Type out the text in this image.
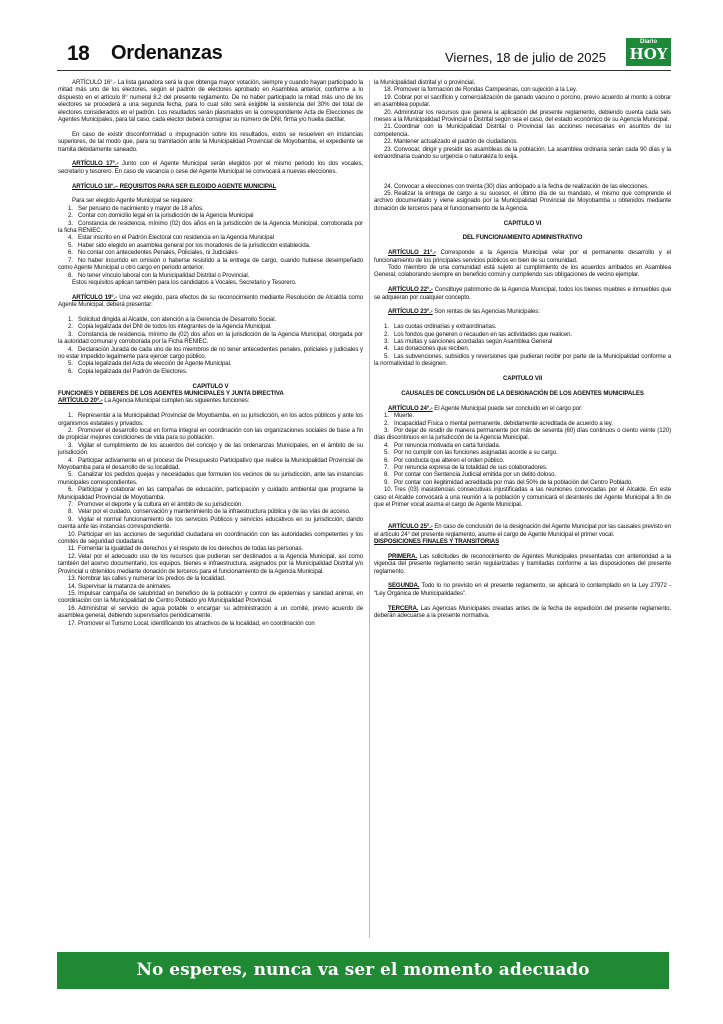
18 Ordenanzas	Viernes, 18 de julio de 2025
Diario
HOY

ARTÍCULO 16°.- La lista ganadora será la que obtenga mayor votación, siempre y cuando hayan participado la mitad más uno de los electores, según el padrón de electores aprobado en Asamblea anterior, conforme a lo dispuesto en el artículo 8° numeral 8.2 del presente reglamento. De no haber participado la mitad más uno de los electores se procederá a una segunda fecha, para lo cual sólo será exigible la existencia del 30% del total de electores considerados en el padrón. Los resultados serán plasmados en la correspondiente Acta de Elecciones de Agentes Municipales, para tal caso, cada elector deberá consignar su número de DNI, firma y/o huella dactilar.

En caso de existir disconformidad o impugnación sobre los resultados, estos se resuelven en instancias superiores, de tal modo que, para su tramitación ante la Municipalidad Provincial de Moyobamba, el expediente se tramita debidamente saneado.

ARTÍCULO 17°.- Junto con el Agente Municipal serán elegidos por el mismo periodo los dos vocales, secretario y tesorero. En caso de vacancia o cese del Agente Municipal se convocará a nuevas elecciones.

ARTÍCULO 18°.– REQUISITOS PARA SER ELEGIDO AGENTE MUNICIPAL

Para ser elegido Agente Municipal se requiere:

1. Ser peruano de nacimiento y mayor de 18 años.

2. Contar con domicilio legal en la jurisdicción de la Agencia Municipal

3. Constancia de residencia, mínimo (02) dos años en la jurisdicción de la Agencia Municipal, corroborada por la ficha RENIEC.

4. Estar inscrito en el Padrón Electoral con residencia en la Agencia Municipal

5. Haber sido elegido en asamblea general por los moradores de la jurisdicción establecida.

6. No contar con antecedentes Penales, Policiales, ni Judiciales

7. No haber incurrido en omisión o haberse resistido a la entrega de cargo, cuando hubiese desempeñado como Agente Municipal u otro cargo en periodo anterior.

8. No tener vínculo laboral con la Municipalidad Distrital o Provincial.

Estos requisitos aplican también para los candidatos a Vocales, Secretario y Tesorero.

ARTÍCULO 19°.- Una vez elegido, para efectos de su reconocimiento mediante Resolución de Alcaldía como Agente Municipal, deberá presentar:

1. Solicitud dirigida al Alcalde, con atención a la Gerencia de Desarrollo Social.

2. Copia legalizada del DNI de todos los integrantes de la Agencia Municipal.

3. Constancia de residencia, mínimo de (02) dos años en la jurisdicción de la Agencia Municipal, otorgada por la autoridad comunal y corroborada por la Ficha RENIEC.

4. Declaración Jurada de cada uno de los miembros de no tener antecedentes penales, policiales y judiciales y no estar impedido legalmente para ejercer cargo público.

5. Copia legalizada del Acta de elección de Agente Municipal.

6. Copia legalizada del Padrón de Electores.

CAPITULO V

FUNCIONES Y DEBERES DE LOS AGENTES MUNICIPALES Y JUNTA DIRECTIVA

ARTÍCULO 20°.- La Agencia Municipal cumplen las siguientes funciones:

1. Representar a la Municipalidad Provincial de Moyobamba, en su jurisdicción, en los actos públicos y ante los organismos estatales y privados.

2. Promover el desarrollo local en forma integral en coordinación con las organizaciones sociales de base a fin de propiciar mejores condiciones de vida para su población.

3. Vigilar el cumplimiento de los acuerdos del concejo y de las ordenanzas Municipales, en el ámbito de su jurisdicción.

4. Participar activamente en el proceso de Presupuesto Participativo que realice la Municipalidad Provincial de Moyobamba para el desarrollo de su localidad.

5. Canalizar los pedidos quejas y necesidades que formulen los vecinos de su jurisdicción, ante las instancias municipales correspondientes.

6. Participar y colaborar en las campañas de educación, participación y cuidado ambiental que programe la Municipalidad Provincial de Moyobamba.

7. Promover el deporte y la cultura en el ámbito de su jurisdicción.

8. Velar por el cuidado, conservación y mantenimiento de la infraestructura pública y de las vías de acceso.

9. Vigilar el normal funcionamiento de los servicios Públicos y servicios educativos en su jurisdicción, dando cuenta ante las instancias correspondiente.

10. Participar en las acciones de seguridad ciudadana en coordinación con las autoridades competentes y los comités de seguridad ciudadana.

11. Fomentar la igualdad de derechos y el respeto de los derechos de todas las personas.

12. Velar por el adecuado uso de los recursos que pudieran ser destinados a la Agencia Municipal, así como también del acervo documentario, los equipos, bienes e infraestructura, asignados por la Municipalidad Distrital y/o Provincial u obtenidos mediante donación de terceros para el funcionamiento de la Agencia Municipal.

13. Nombrar las calles y numerar los predios de la localidad.

14. Supervisar la matanza de animales.

15. Impulsar campaña de salubridad en beneficio de la población y control de epidemias y sanidad animal, en coordinación con la Municipalidad de Centro Poblado y/o Municipalidad Provincial.

16. Administrar el servicio de agua potable o encargar su administración a un comité, previo acuerdo de asamblea general, debiendo supervisarlos periódicamente.

17. Promover el Turismo Local, identificando los atractivos de la localidad, en coordinación con

la Municipalidad distrital y/ o provincial.

18. Promover la formación de Rondas Campesinas, con sujeción a la Ley.

19. Cobrar por el sacrificio y comercialización de ganado vacuno o porcino, previo acuerdo al monto a cobrar en asamblea popular.

20. Administrar los recursos que genera la aplicación del presente reglamento, debiendo cuenta cada seis meses a la Municipalidad Provincial o Distrital según sea el caso, del estado económico de su Agencia Municipal.

21. Coordinar con la Municipalidad Distrital o Provincial las acciones necesarias en asuntos de su competencia.

22. Mantener actualizado el padrón de ciudadanos.

23. Convocar, dirigir y presidir las asambleas de la población. La asamblea ordinaria serán cada 90 días y la extraordinaria cuando su urgencia o naturaleza lo exija.

24. Convocar a elecciones con treinta (30) días anticipado a la fecha de realización de las elecciones.

25. Realizar la entrega de cargo a su sucesor, el último día de su mandato, el mismo que comprende el archivo documentado y viene asignado por la Municipalidad Provincial de Moyobamba u obtenidos mediante donación de terceros para el funcionamiento de la Agencia.

CAPITULO VI

DEL FUNCIONAMIENTO ADMINISTRATIVO

ARTÍCULO 21°.- Corresponde a la Agencia Municipal velar por el permanente desarrollo y el funcionamiento de los principales servicios públicos en bien de su comunidad.

Todo miembro de una comunidad está sujeto al cumplimiento de los acuerdos arribados en Asamblea General, colaborando siempre en beneficio común y cumpliendo sus obligaciones de vecino ejemplar.

ARTÍCULO 22°.- Constituye patrimonio de la Agencia Municipal, todos los bienes muebles e inmuebles que se adquieran por cualquier concepto.

ARTÍCULO 23°.- Son rentas de las Agencias Municipales:

1. Las cuotas ordinarias y extraordinarias.

2. Los fondos que generen o recauden en las actividades que realicen.

3. Las multas y sanciones acordadas según Asamblea General

4. Las donaciones que reciben.

5. Las subvenciones, subsidios y reversiones que pudieran recibir por parte de la Municipalidad conforme a la normatividad lo designen.

CAPITULO VII

CAUSALES DE CONCLUSIÓN DE LA DESIGNACIÓN DE LOS AGENTES MUNICIPALES

ARTÍCULO 24°.- El Agente Municipal puede ser concluido en el cargo por:

1. Muerte.

2. Incapacidad Física o mental permanente, debidamente acreditada de acuerdo a ley.

3. Por dejar de residir de manera permanente por más de sesenta (60) días continuos o ciento veinte (120) días discontinuos en la jurisdicción de la Agencia Municipal.

4. Por renuncia motivada en carta fundada.

5. Por no cumplir con las funciones asignadas acorde a su cargo.

6. Por conducta que alteren el orden público.

7. Por renuncia expresa de la totalidad de sus colaboradores.

8. Por contar con Sentencia Judicial emitida por un delito doloso.

9. Por contar con ilegitimidad acreditada por más del 50% de la población del Centro Poblado.

10. Tres (03) inasistencias consecutivas injustificadas a las reuniones convocadas por el Alcalde. En este caso el Alcalde convocará a una reunión a la población y comunicará el desinterés del Agente Municipal a fin de que el Primer vocal asuma el cargo de Agente Municipal.

ARTÍCULO 25°.- En caso de conclusión de la designación del Agente Municipal por las causales previsto en el artículo 24° del presente reglamento, asume el cargo de Agente Municipal el primer vocal.

DISPOSICIONES FINALES Y TRANSITORIAS

PRIMERA. Las solicitudes de reconocimiento de Agentes Municipales presentadas con anterioridad a la vigencia del presente reglamento serán regularizadas y tramitadas conforme a las disposiciones del presente reglamento.

SEGUNDA. Todo lo no previsto en el presente reglamento, se aplicará lo contemplado en la Ley 27972 - “Ley Orgánica de Municipalidades”.

TERCERA. Las Agencias Municipales creadas antes de la fecha de expedición del presente reglamento, deberán adecuarse a la presente normativa.

No esperes, nunca va ser el momento adecuado
